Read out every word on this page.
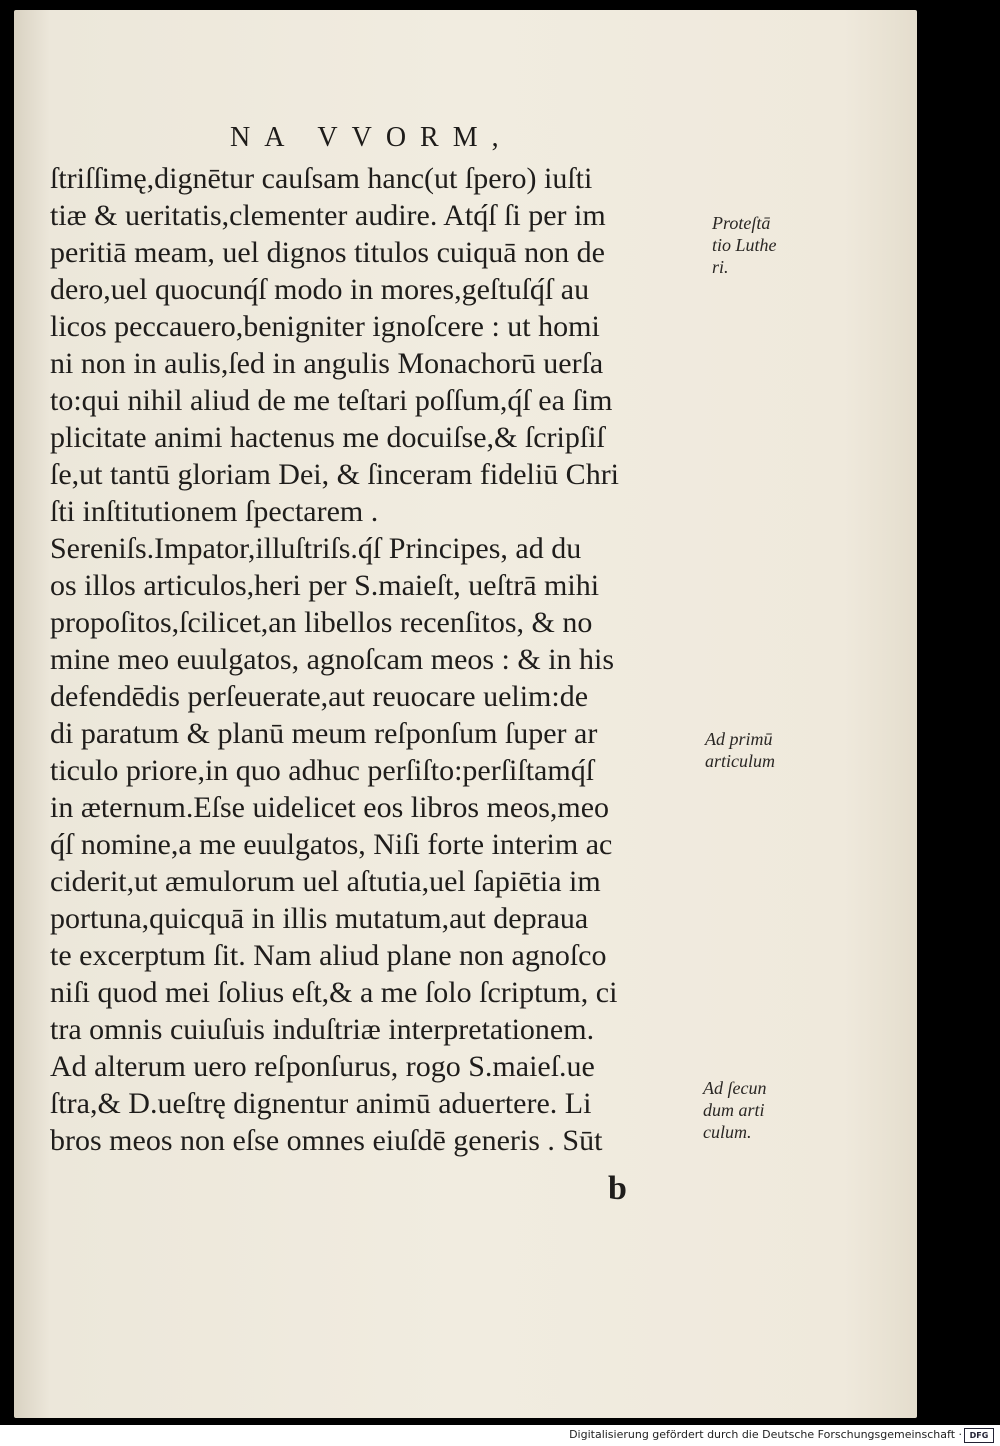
NA VVORM,
ſtriſſimę,dignētur cauſsam hanc(ut ſpero) iuſti
tiæ & ueritatis,clementer audire. Atq́ſ ſi per im
peritiā meam, uel dignos titulos cuiquā non de
dero,uel quocunq́ſ modo in mores,geſtuſq́ſ au
licos peccauero,benigniter ignoſcere : ut homi
ni non in aulis,ſed in angulis Monachorū uerſa
to:qui nihil aliud de me teſtari poſſum,q́ſ ea ſim
plicitate animi hactenus me docuiſse,& ſcripſiſ
ſe,ut tantū gloriam Dei, & ſinceram fideliū Chri
ſti inſtitutionem ſpectarem .
Sereniſs.Impator,illuſtriſs.q́ſ Principes, ad du
os illos articulos,heri per S.maieſt, ueſtrā mihi
propoſitos,ſcilicet,an libellos recenſitos, & no
mine meo euulgatos, agnoſcam meos : & in his
defendēdis perſeuerate,aut reuocare uelim:de
di paratum & planū meum reſponſum ſuper ar
ticulo priore,in quo adhuc perſiſto:perſiſtamq́ſ
in æternum.Eſse uidelicet eos libros meos,meo
q́ſ nomine,a me euulgatos, Niſi forte interim ac
ciderit,ut æmulorum uel aſtutia,uel ſapiētia im
portuna,quicquā in illis mutatum,aut deprauа
te excerptum ſit. Nam aliud plane non agnoſco
niſi quod mei ſolius eſt,& a me ſolo ſcriptum, ci
tra omnis cuiuſuis induſtriæ interpretationem.
Ad alterum uero reſponſurus, rogo S.maieſ.ue
ſtra,& D.ueſtrę dignentur animū aduertere. Li
bros meos non eſse omnes eiuſdē generis . Sūt
Proteſtā
tio Luthe
ri.
Ad primū
articulum
Ad ſecun
dum arti
culum.
b
Digitalisierung gefördert durch die Deutsche Forschungsgemeinschaft · DFG
